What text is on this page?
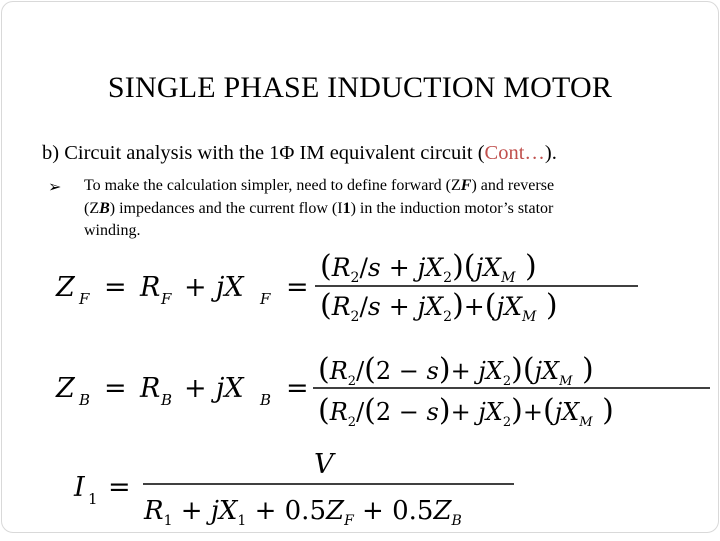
SINGLE PHASE INDUCTION MOTOR
b) Circuit analysis with the 1Φ IM equivalent circuit (Cont…).
➢ To make the calculation simpler, need to define forward (ZF) and reverse
(ZB) impedances and the current flow (I1) in the induction motor’s stator
winding.
Z F = R F + jX F =
$(R_2/s + jX_2)(jX_M$ )
$(R_2/s + jX_2)+(jX_M$ )
Z B = R B + jX B =
$(R_2/(2 - s)+ jX_2)(jX_M$ )
$(R_2/(2 - s)+ jX_2)+(jX_M$ )
I 1 =
V
$R_1 + jX_1 + 0.5Z_F + 0.5Z_B$
